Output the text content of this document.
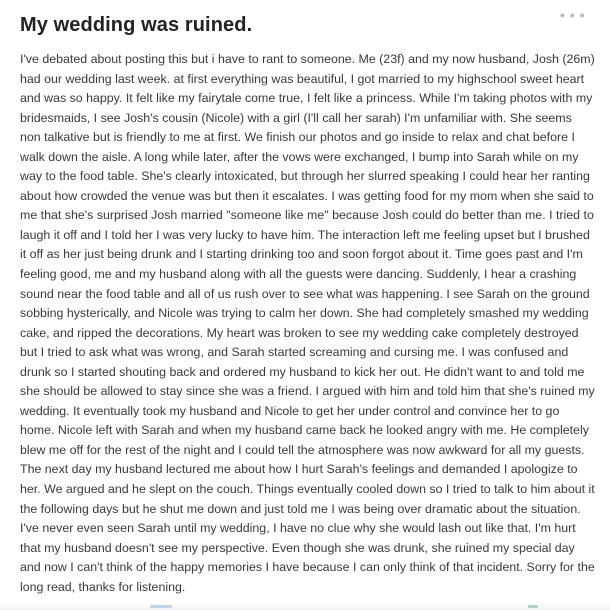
My wedding was ruined.	● ● ●

I've debated about posting this but i have to rant to someone. Me (23f) and my now husband, Josh (26m) had our wedding last week. at first everything was beautiful, I got married to my highschool sweet heart and was so happy. It felt like my fairytale come true, I felt like a princess. While I'm taking photos with my bridesmaids, I see Josh's cousin (Nicole) with a girl (I'll call her sarah) I'm unfamiliar with. She seems non talkative but is friendly to me at first. We finish our photos and go inside to relax and chat before I walk down the aisle. A long while later, after the vows were exchanged, I bump into Sarah while on my way to the food table. She's clearly intoxicated, but through her slurred speaking I could hear her ranting about how crowded the venue was but then it escalates. I was getting food for my mom when she said to me that she's surprised Josh married "someone like me" because Josh could do better than me. I tried to laugh it off and I told her I was very lucky to have him. The interaction left me feeling upset but I brushed it off as her just being drunk and I starting drinking too and soon forgot about it. Time goes past and I'm feeling good, me and my husband along with all the guests were dancing. Suddenly, I hear a crashing sound near the food table and all of us rush over to see what was happening. I see Sarah on the ground sobbing hysterically, and Nicole was trying to calm her down. She had completely smashed my wedding cake, and ripped the decorations. My heart was broken to see my wedding cake completely destroyed but I tried to ask what was wrong, and Sarah started screaming and cursing me. I was confused and drunk so I started shouting back and ordered my husband to kick her out. He didn't want to and told me she should be allowed to stay since she was a friend. I argued with him and told him that she's ruined my wedding. It eventually took my husband and Nicole to get her under control and convince her to go home. Nicole left with Sarah and when my husband came back he looked angry with me. He completely blew me off for the rest of the night and I could tell the atmosphere was now awkward for all my guests. The next day my husband lectured me about how I hurt Sarah's feelings and demanded I apologize to her. We argued and he slept on the couch. Things eventually cooled down so I tried to talk to him about it the following days but he shut me down and just told me I was being over dramatic about the situation. I've never even seen Sarah until my wedding, I have no clue why she would lash out like that. I'm hurt that my husband doesn't see my perspective. Even though she was drunk, she ruined my special day and now I can't think of the happy memories I have because I can only think of that incident. Sorry for the long read, thanks for listening.
